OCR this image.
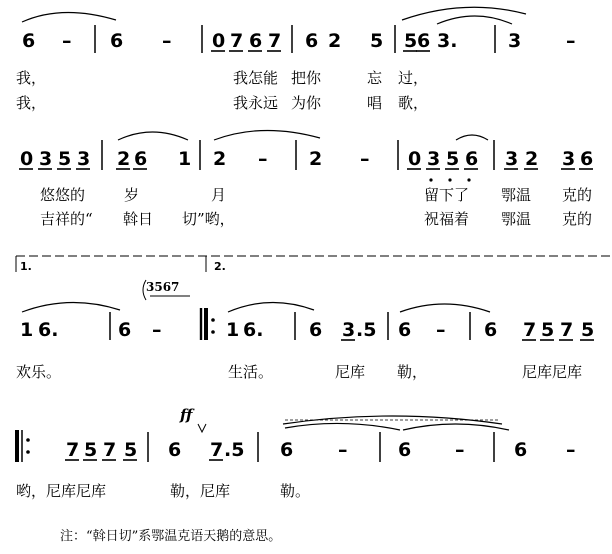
6 – 6 – 0 7 6 7 6 2 5 5 6 3.	3 –
我，	我怎能 把你	忘 过，
我，	我永远 为你	唱 歌，
0 3 5 3 2 6 1 2 – 2 – 0 3 5 6 3 2 3 6
悠悠的	岁	月	留下了 鄂温 克的
吉祥的“ 斡日 切”哟，	祝福着 鄂温 克的
1.	2.
3567
1 6.	6 –	1 6. 6 3 .5 6 – 6 7 5 7 5
欢乐。	生活。	尼库 勒，	尼库尼库
ff
7 5 7 5 6 7 .5 6 –	6 –	6 –
哟，尼库尼库	勒，尼库	勒。
注：“斡日切”系鄂温克语天鹅的意思。
